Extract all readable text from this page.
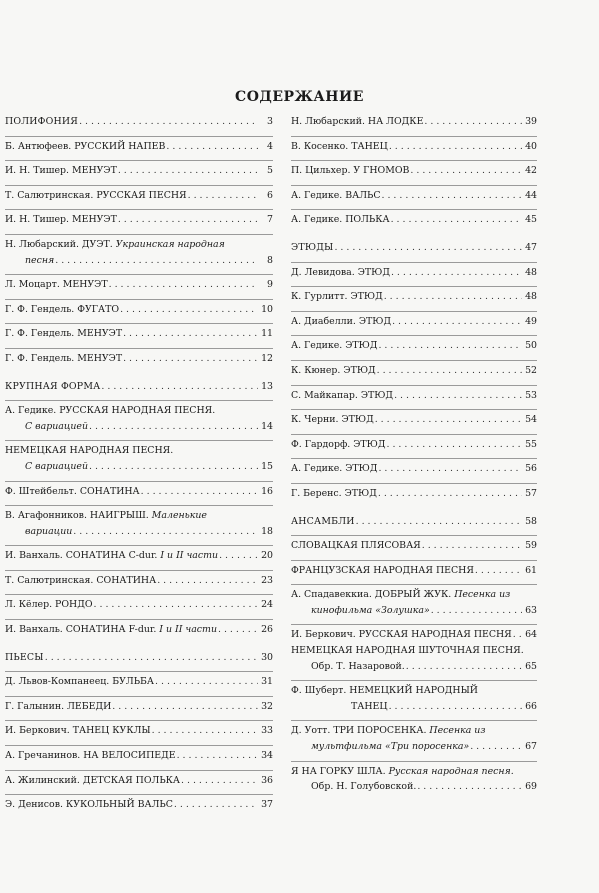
СОДЕРЖАНИЕ
ПОЛИФОНИЯ . . .	3
Б. Антюфеев. РУССКИЙ НАПЕВ . . .	4
И. Н. Тишер. МЕНУЭТ . . .	5
Т. Салютринская. РУССКАЯ ПЕСНЯ . . .	6
И. Н. Тишер. МЕНУЭТ . . .	7
Н. Любарский. ДУЭТ. Украинская народная
песня . . .	8
Л. Моцарт. МЕНУЭТ . . .	9
Г. Ф. Гендель. ФУГАТО . . .	10
Г. Ф. Гендель. МЕНУЭТ . . .	11
Г. Ф. Гендель. МЕНУЭТ . . .	12
КРУПНАЯ ФОРМА . . .	13
А. Гедике. РУССКАЯ НАРОДНАЯ ПЕСНЯ.
С вариацией . . .	14
НЕМЕЦКАЯ НАРОДНАЯ ПЕСНЯ.
С вариацией . . .	15
Ф. Штейбельт. СОНАТИНА . . .	16
В. Агафонников. НАИГРЫШ. Маленькие
вариации . . .	18
И. Ванхаль. СОНАТИНА C-dur. I и II части . . .	20
Т. Салютринская. СОНАТИНА . . .	23
Л. Кёлер. РОНДО . . .	24
И. Ванхаль. СОНАТИНА F-dur. I и II части . . .	26
ПЬЕСЫ . . .	30
Д. Львов-Компанеец. БУЛЬБА . . .	31
Г. Галынин. ЛЕБЕДИ . . .	32
И. Беркович. ТАНЕЦ КУКЛЫ . . .	33
А. Гречанинов. НА ВЕЛОСИПЕДЕ . . .	34
А. Жилинский. ДЕТСКАЯ ПОЛЬКА . . .	36
Э. Денисов. КУКОЛЬНЫЙ ВАЛЬС . . .	37
Н. Любарский. НА ЛОДКЕ . . .	39
В. Косенко. ТАНЕЦ . . .	40
П. Цильхер. У ГНОМОВ . . .	42
А. Гедике. ВАЛЬС . . .	44
А. Гедике. ПОЛЬКА . . .	45
ЭТЮДЫ . . .	47
Д. Левидова. ЭТЮД . . .	48
К. Гурлитт. ЭТЮД . . .	48
А. Диабелли. ЭТЮД . . .	49
А. Гедике. ЭТЮД . . .	50
К. Кюнер. ЭТЮД . . .	52
С. Майкапар. ЭТЮД . . .	53
К. Черни. ЭТЮД . . .	54
Ф. Гардорф. ЭТЮД . . .	55
А. Гедике. ЭТЮД . . .	56
Г. Беренс. ЭТЮД . . .	57
АНСАМБЛИ . . .	58
СЛОВАЦКАЯ ПЛЯСОВАЯ . . .	59
ФРАНЦУЗСКАЯ НАРОДНАЯ ПЕСНЯ . . .	61
А. Спадавеккиа. ДОБРЫЙ ЖУК. Песенка из
кинофильма «Золушка» . . .	63
И. Беркович. РУССКАЯ НАРОДНАЯ ПЕСНЯ . . . 64
НЕМЕЦКАЯ НАРОДНАЯ ШУТОЧНАЯ ПЕСНЯ.
Обр. Т. Назаровой. . . .	65
Ф. Шуберт. НЕМЕЦКИЙ НАРОДНЫЙ
ТАНЕЦ . . .	66
Д. Уотт. ТРИ ПОРОСЕНКА. Песенка из
мультфильма «Три поросенка» . . .	67
Я НА ГОРКУ ШЛА. Русская народная песня.
Обр. Н. Голубовской. . . .	69
